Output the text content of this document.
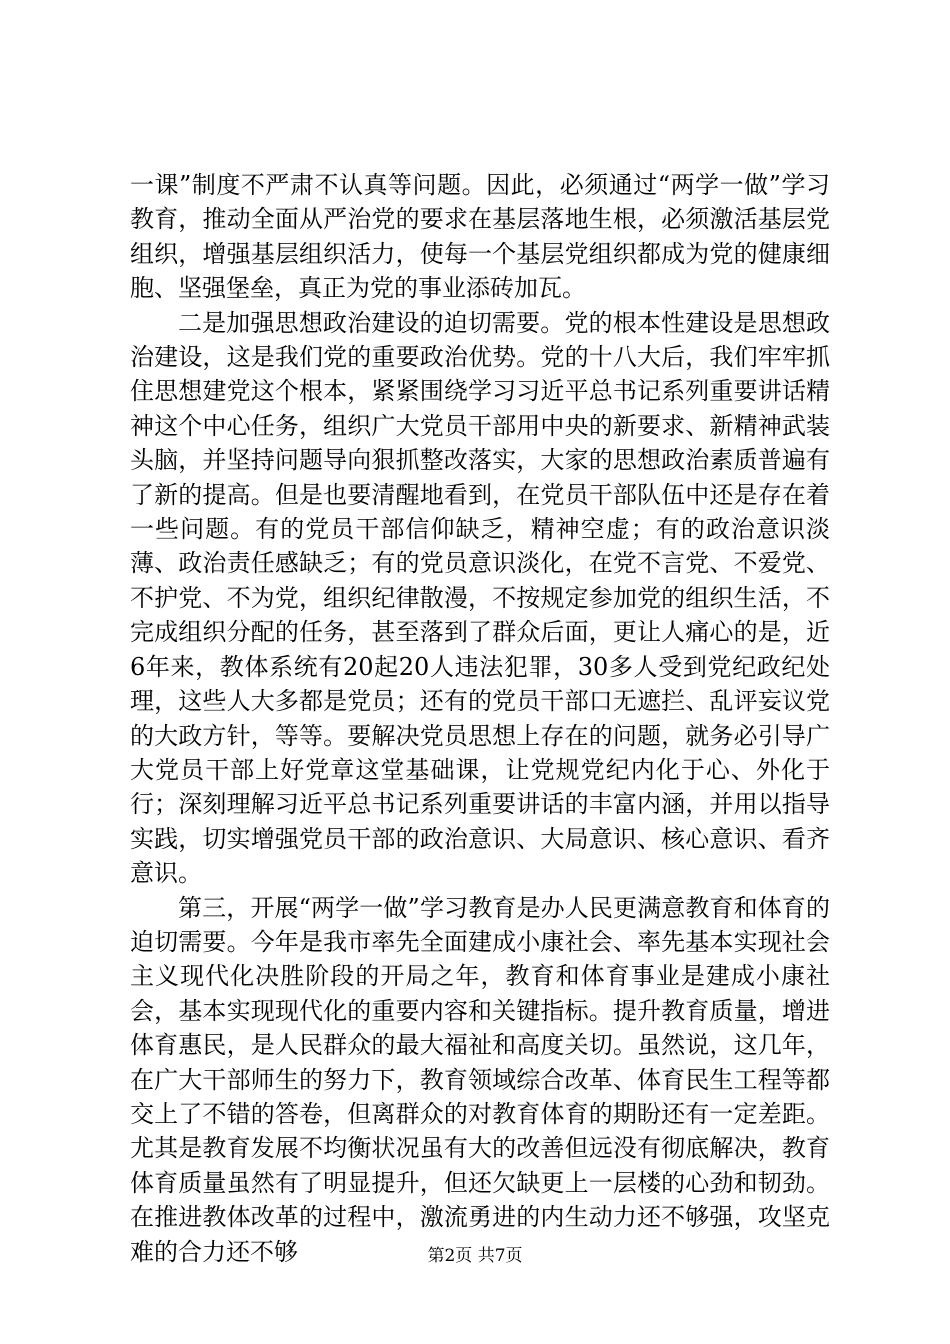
一课”制度不严肃不认真等问题。因此，必须通过“两学一做”学习教育，推动全面从严治党的要求在基层落地生根，必须激活基层党组织，增强基层组织活力，使每一个基层党组织都成为党的健康细胞、坚强堡垒，真正为党的事业添砖加瓦。

二是加强思想政治建设的迫切需要。党的根本性建设是思想政治建设，这是我们党的重要政治优势。党的十八大后，我们牢牢抓住思想建党这个根本，紧紧围绕学习习近平总书记系列重要讲话精神这个中心任务，组织广大党员干部用中央的新要求、新精神武装头脑，并坚持问题导向狠抓整改落实，大家的思想政治素质普遍有了新的提高。但是也要清醒地看到，在党员干部队伍中还是存在着一些问题。有的党员干部信仰缺乏，精神空虚；有的政治意识淡薄、政治责任感缺乏；有的党员意识淡化，在党不言党、不爱党、不护党、不为党，组织纪律散漫，不按规定参加党的组织生活，不完成组织分配的任务，甚至落到了群众后面，更让人痛心的是，近6年来，教体系统有20起20人违法犯罪，30多人受到党纪政纪处理，这些人大多都是党员；还有的党员干部口无遮拦、乱评妄议党的大政方针，等等。要解决党员思想上存在的问题，就务必引导广大党员干部上好党章这堂基础课，让党规党纪内化于心、外化于行；深刻理解习近平总书记系列重要讲话的丰富内涵，并用以指导实践，切实增强党员干部的政治意识、大局意识、核心意识、看齐意识。

第三，开展“两学一做”学习教育是办人民更满意教育和体育的迫切需要。今年是我市率先全面建成小康社会、率先基本实现社会主义现代化决胜阶段的开局之年，教育和体育事业是建成小康社会，基本实现现代化的重要内容和关键指标。提升教育质量，增进体育惠民，是人民群众的最大福祉和高度关切。虽然说，这几年，在广大干部师生的努力下，教育领域综合改革、体育民生工程等都交上了不错的答卷，但离群众的对教育体育的期盼还有一定差距。尤其是教育发展不均衡状况虽有大的改善但远没有彻底解决，教育体育质量虽然有了明显提升，但还欠缺更上一层楼的心劲和韧劲。在推进教体改革的过程中，激流勇进的内生动力还不够强，攻坚克难的合力还不够	第2页 共7页
